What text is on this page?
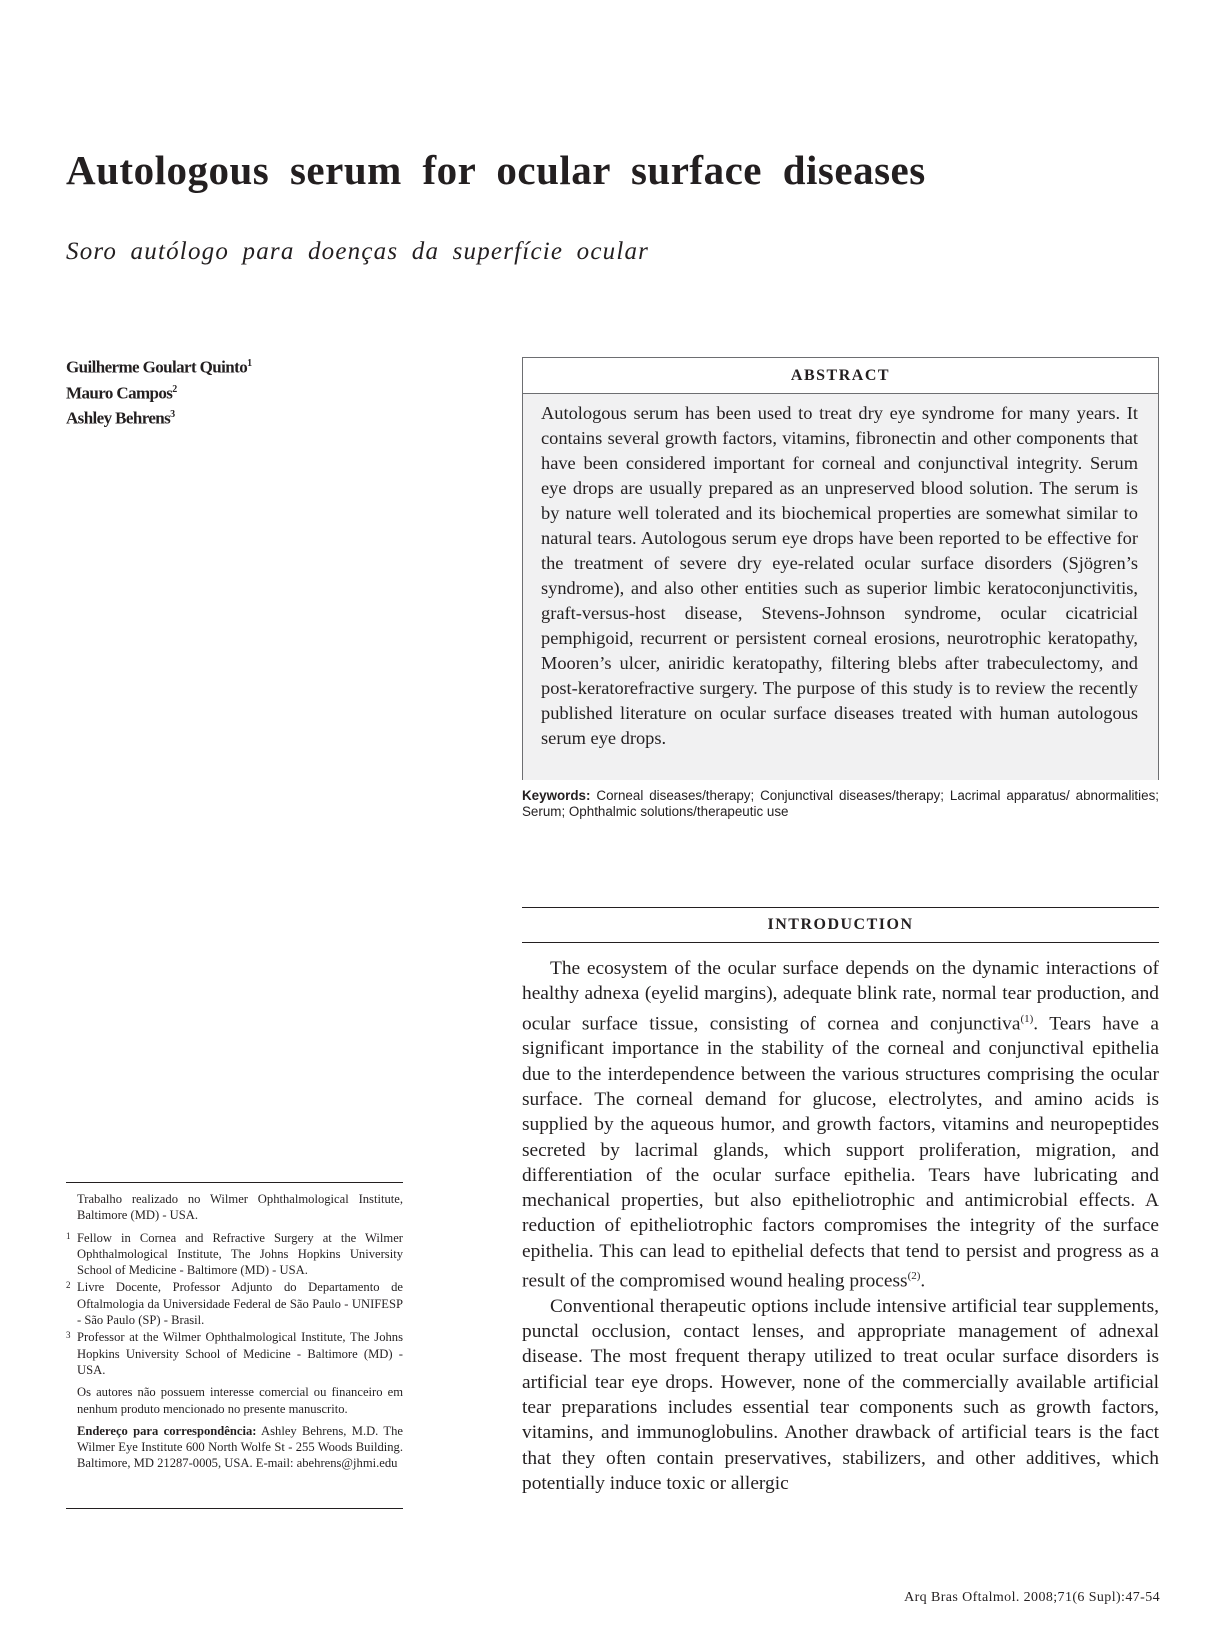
Autologous serum for ocular surface diseases
Soro autólogo para doenças da superfície ocular
Guilherme Goulart Quinto$^1$
Mauro Campos$^2$
Ashley Behrens$^3$
ABSTRACT
Autologous serum has been used to treat dry eye syndrome for many years. It contains several growth factors, vitamins, fibronectin and other components that have been considered important for corneal and conjunctival integrity. Serum eye drops are usually prepared as an unpreserved blood solution. The serum is by nature well tolerated and its biochemical properties are somewhat similar to natural tears. Autologous serum eye drops have been reported to be effective for the treatment of severe dry eye-related ocular surface disorders (Sjögren’s syndrome), and also other entities such as superior limbic keratoconjunctivitis, graft-versus-host disease, Stevens-Johnson syndrome, ocular cicatricial pemphigoid, recurrent or persistent corneal erosions, neurotrophic keratopathy, Mooren’s ulcer, aniridic keratopathy, filtering blebs after trabeculectomy, and post-keratorefractive surgery. The purpose of this study is to review the recently published literature on ocular surface diseases treated with human autologous serum eye drops.
Keywords: Corneal diseases/therapy; Conjunctival diseases/therapy; Lacrimal apparatus/ abnormalities; Serum; Ophthalmic solutions/therapeutic use
INTRODUCTION

The ecosystem of the ocular surface depends on the dynamic interactions of healthy adnexa (eyelid margins), adequate blink rate, normal tear production, and ocular surface tissue, consisting of cornea and conjunctiva$^{(1)}$. Tears have a significant importance in the stability of the corneal and conjunctival epithelia due to the interdependence between the various structures comprising the ocular surface. The corneal demand for glucose, electrolytes, and amino acids is supplied by the aqueous humor, and growth factors, vitamins and neuropeptides secreted by lacrimal glands, which support proliferation, migration, and differentiation of the ocular surface epithelia. Tears have lubricating and mechanical properties, but also epitheliotrophic and antimicrobial effects. A reduction of epitheliotrophic factors compromises the integrity of the surface epithelia. This can lead to epithelial defects that tend to persist and progress as a result of the compromised wound healing process$^{(2)}$.

Conventional therapeutic options include intensive artificial tear supplements, punctal occlusion, contact lenses, and appropriate management of adnexal disease. The most frequent therapy utilized to treat ocular surface disorders is artificial tear eye drops. However, none of the commercially available artificial tear preparations includes essential tear components such as growth factors, vitamins, and immunoglobulins. Another drawback of artificial tears is the fact that they often contain preservatives, stabilizers, and other additives, which potentially induce toxic or allergic

Trabalho realizado no Wilmer Ophthalmological Institute, Baltimore (MD) - USA.
1 Fellow in Cornea and Refractive Surgery at the Wilmer Ophthalmological Institute, The Johns Hopkins University School of Medicine - Baltimore (MD) - USA.
2 Livre Docente, Professor Adjunto do Departamento de Oftalmologia da Universidade Federal de São Paulo - UNIFESP - São Paulo (SP) - Brasil.
3 Professor at the Wilmer Ophthalmological Institute, The Johns Hopkins University School of Medicine - Baltimore (MD) - USA.
Os autores não possuem interesse comercial ou financeiro em nenhum produto mencionado no presente manuscrito.
Endereço para correspondência: Ashley Behrens, M.D. The Wilmer Eye Institute 600 North Wolfe St - 255 Woods Building. Baltimore, MD 21287-0005, USA. E-mail: abehrens@jhmi.edu
Arq Bras Oftalmol. 2008;71(6 Supl):47-54
